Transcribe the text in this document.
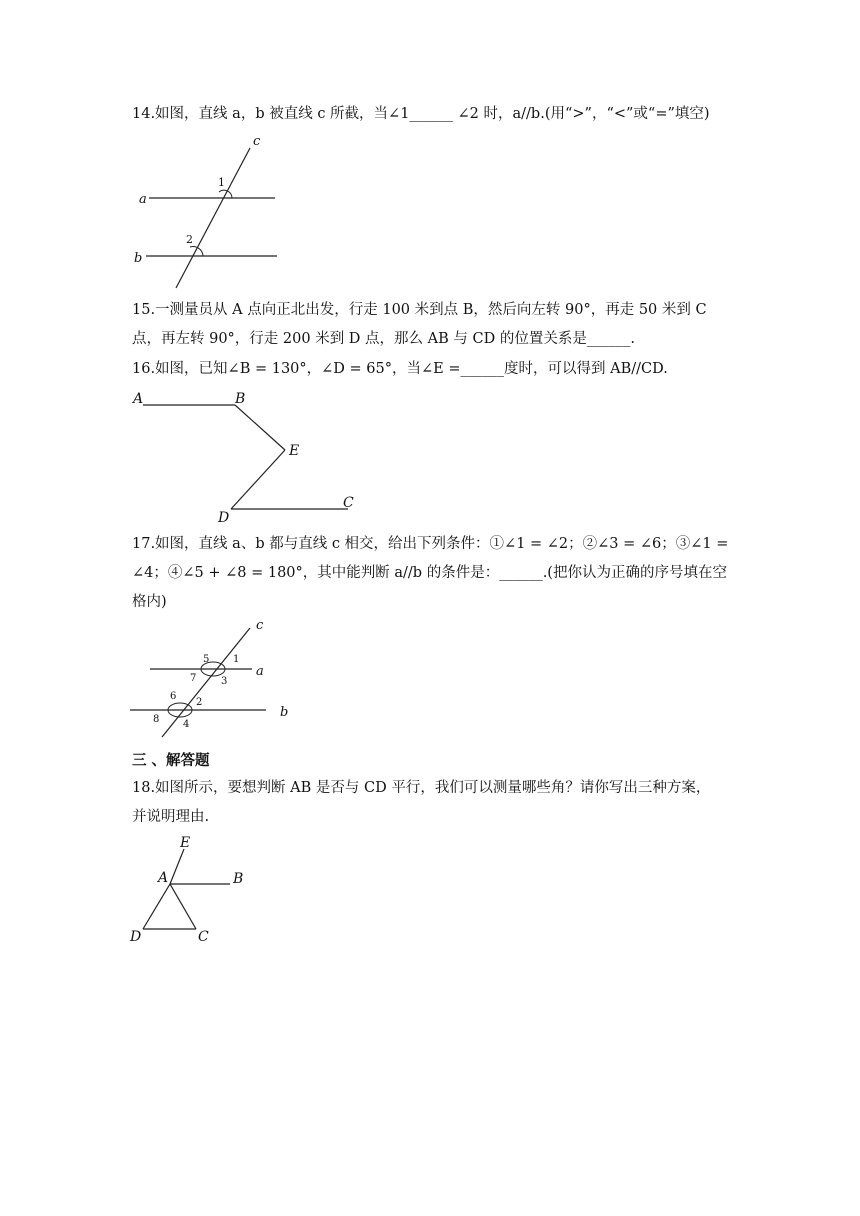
14.如图，直线 a，b 被直线 c 所截，当∠1______ ∠2 时，a//b.(用“>”，“<”或“=”填空)
c
a
b
1
2
15.一测量员从 A 点向正北出发，行走 100 米到点 B，然后向左转 90°，再走 50 米到 C
点，再左转 90°，行走 200 米到 D 点，那么 AB 与 CD 的位置关系是______.
16.如图，已知∠B = 130°，∠D = 65°，当∠E =______度时，可以得到 AB//CD.
A	B
E
D
C
17.如图，直线 a、b 都与直线 c 相交，给出下列条件：①∠1 = ∠2；②∠3 = ∠6；③∠1 =
∠4；④∠5 + ∠8 = 180°，其中能判断 a//b 的条件是：______.(把你认为正确的序号填在空
格内)
c
a
b
5 1
7 3
6
2
8 4
三 、解答题
18.如图所示，要想判断 AB 是否与 CD 平行，我们可以测量哪些角？请你写出三种方案，
并说明理由.
E
A	B
D	C
